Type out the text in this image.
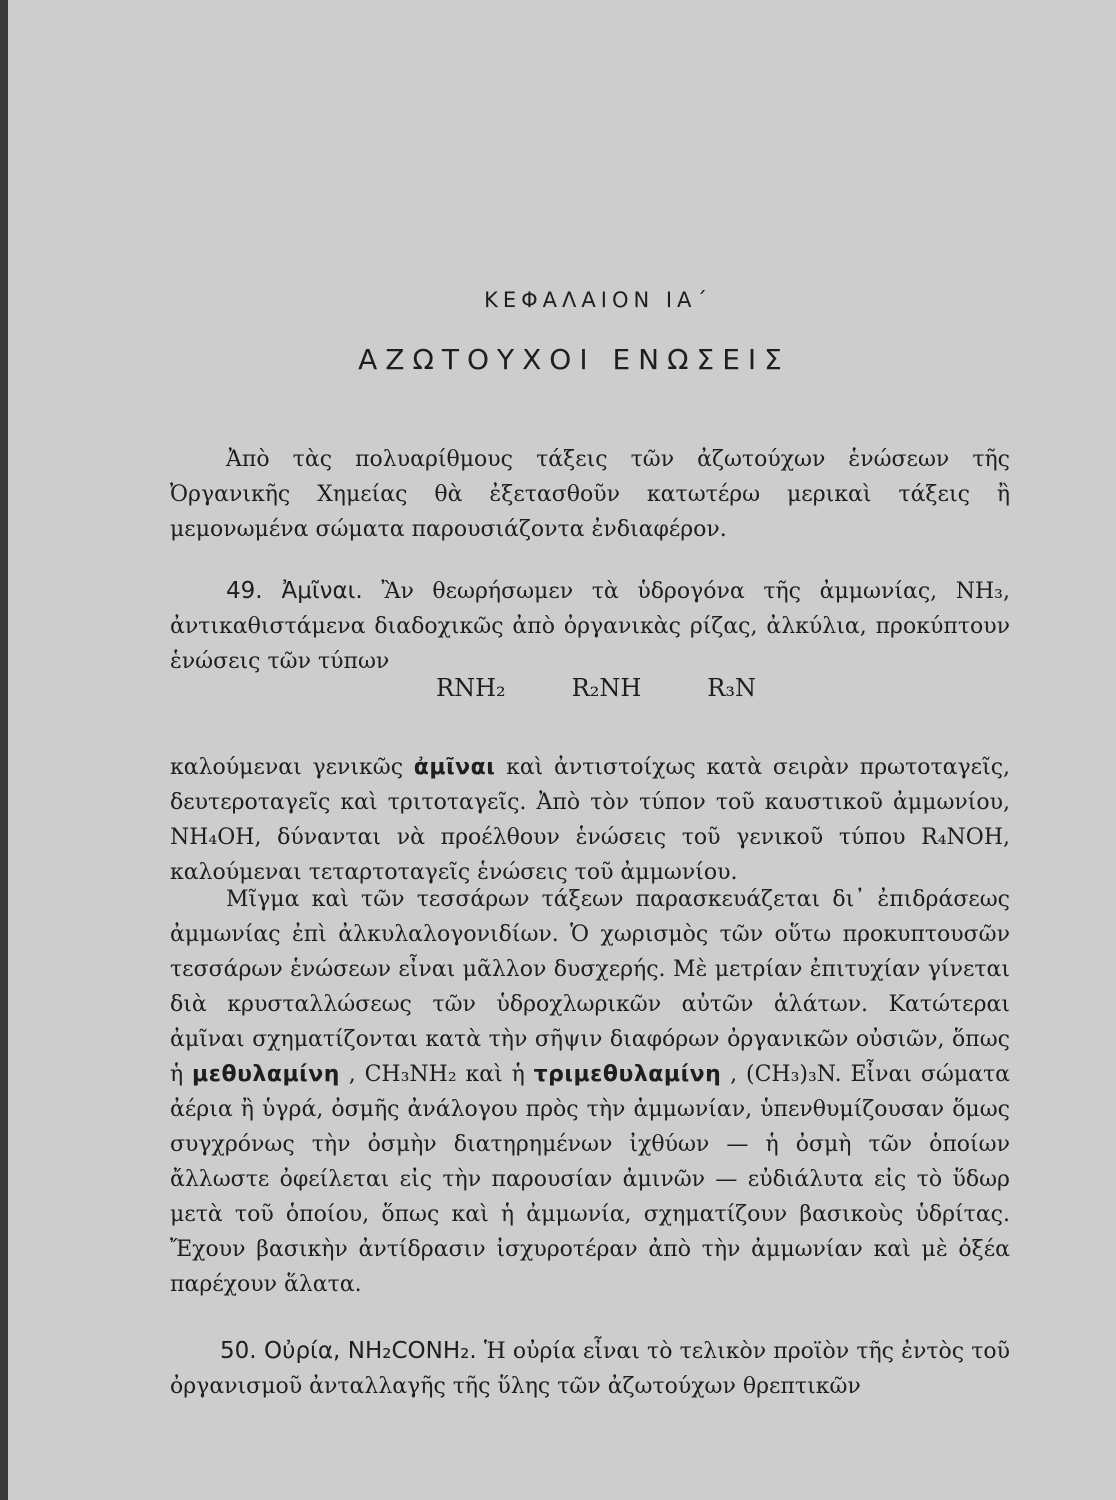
ΚΕΦΑΛΑΙΟΝ ΙΑ΄
ΑΖΩΤΟΥΧΟΙ ΕΝΩΣΕΙΣ

Ἀπὸ τὰς πολυαρίθμους τάξεις τῶν ἀζωτούχων ἑνώσεων τῆς Ὀργανικῆς Χημείας θὰ ἐξετασθοῦν κατωτέρω μερικαὶ τάξεις ἢ μεμονωμένα σώματα παρουσιάζοντα ἐνδιαφέρον.

49. Ἀμῖναι. Ἂν θεωρήσωμεν τὰ ὑδρογόνα τῆς ἀμμωνίας, NH₃, ἀντικαθιστάμενα διαδοχικῶς ἀπὸ ὀργανικὰς ρίζας, ἀλκύλια, προκύπτουν ἑνώσεις τῶν τύπων

RNH₂	R₂NH	R₃N

καλούμεναι γενικῶς ἀμῖναι καὶ ἀντιστοίχως κατὰ σειρὰν πρωτοταγεῖς, δευτεροταγεῖς καὶ τριτοταγεῖς. Ἀπὸ τὸν τύπον τοῦ καυστικοῦ ἀμμωνίου, NH₄OH, δύνανται νὰ προέλθουν ἑνώσεις τοῦ γενικοῦ τύπου R₄NOH, καλούμεναι τεταρτοταγεῖς ἑνώσεις τοῦ ἀμμωνίου.

Μῖγμα καὶ τῶν τεσσάρων τάξεων παρασκευάζεται δι᾽ ἐπιδράσεως ἀμμωνίας ἐπὶ ἀλκυλαλογονιδίων. Ὁ χωρισμὸς τῶν οὕτω προκυπτουσῶν τεσσάρων ἑνώσεων εἶναι μᾶλλον δυσχερής. Μὲ μετρίαν ἐπιτυχίαν γίνεται διὰ κρυσταλλώσεως τῶν ὑδροχλωρικῶν αὐτῶν ἁλάτων. Κατώτεραι ἀμῖναι σχηματίζονται κατὰ τὴν σῆψιν διαφόρων ὀργανικῶν οὐσιῶν, ὅπως ἡ μεθυλαμίνη , CH₃NH₂ καὶ ἡ τριμεθυλαμίνη , (CH₃)₃N. Εἶναι σώματα ἀέρια ἢ ὑγρά, ὀσμῆς ἀνάλογου πρὸς τὴν ἀμμωνίαν, ὑπενθυμίζουσαν ὅμως συγχρόνως τὴν ὀσμὴν διατηρημένων ἰχθύων — ἡ ὀσμὴ τῶν ὁποίων ἄλλωστε ὀφείλεται εἰς τὴν παρουσίαν ἀμινῶν — εὐδιάλυτα εἰς τὸ ὕδωρ μετὰ τοῦ ὁποίου, ὅπως καὶ ἡ ἀμμωνία, σχηματίζουν βασικοὺς ὑδρίτας. Ἔχουν βασικὴν ἀντίδρασιν ἰσχυροτέραν ἀπὸ τὴν ἀμμωνίαν καὶ μὲ ὀξέα παρέχουν ἅλατα.

50. Οὐρία, NH₂CONH₂. Ἡ οὐρία εἶναι τὸ τελικὸν προϊὸν τῆς ἐντὸς τοῦ ὀργανισμοῦ ἀνταλλαγῆς τῆς ὕλης τῶν ἀζωτούχων θρεπτικῶν
